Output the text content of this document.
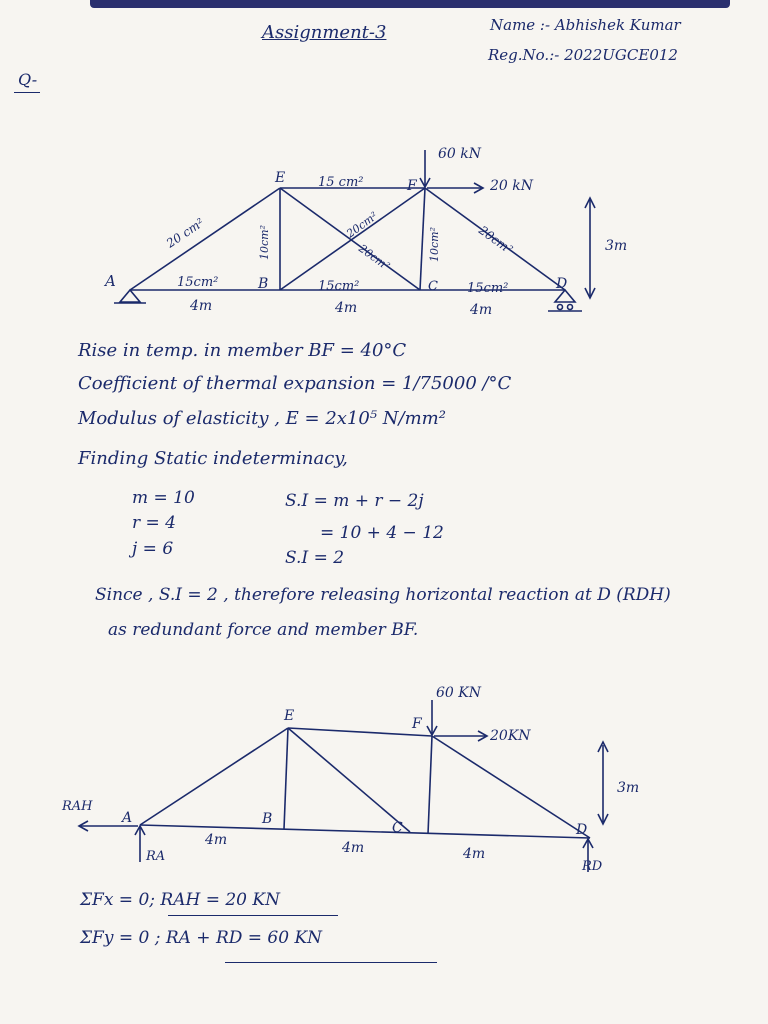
Assignment-3	Name :- Abhishek Kumar
Reg.No.:- 2022UGCE012
Q-
A	B	C	D
E	F
60 kN
20 kN
3m
4m	4m	4m
20 cm²
15 cm²
15cm²	15cm²	15cm²
10cm²	20cm²
20cm²
10cm²	20cm²
Rise in temp. in member BF = 40°C
Coefficient of thermal expansion = 1/75000 /°C
Modulus of elasticity , E = 2x10⁵ N/mm²
Finding Static indeterminacy,
m = 10
r = 4
j = 6
S.I = m + r − 2j
= 10 + 4 − 12
S.I = 2
Since , S.I = 2 , therefore releasing horizontal reaction at D (RDH)
as redundant force and member BF.
A	B
C	D
E	F
60 KN
20KN
3m
4m	4m	4m
RAH
RA
RD
ΣFx = 0; RAH = 20 KN
ΣFy = 0 ; RA + RD = 60 KN
